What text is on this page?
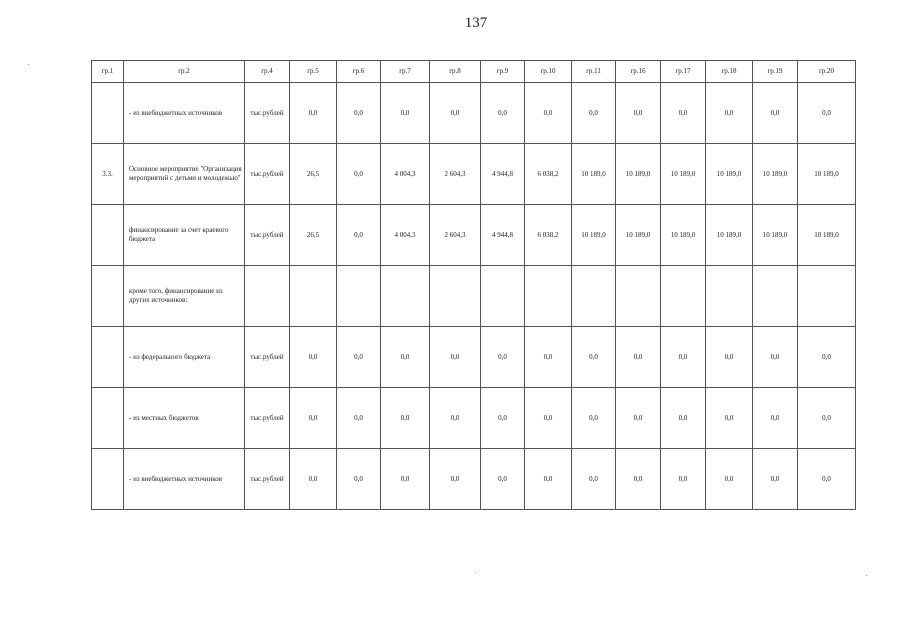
137
гр.1	гр.2	гр.4	гр.5	гр.6	гр.7	гр.8	гр.9	гр.10	гр.11	гр.16	гр.17	гр.18	гр.19	гр.20
	- из внебюджетных источников	тыс.рублей	0,0	0,0	0,0	0,0	0,0	0,0	0,0	0,0	0,0	0,0	0,0	0,0
3.3.	Основное мероприятие "Организация мероприятий с детьми и молодежью"	тыс.рублей	26,5	0,0	4 004,3	2 604,3	4 944,8	6 038,2	10 189,0	10 189,0	10 189,0	10 189,0	10 189,0	10 189,0
	финансирование за счет краевого бюджета	тыс.рублей	26,5	0,0	4 004,3	2 604,3	4 944,8	6 038,2	10 189,0	10 189,0	10 189,0	10 189,0	10 189,0	10 189,0
	кроме того, финансирование из других источников:													
	- из федерального бюджета	тыс.рублей	0,0	0,0	0,0	0,0	0,0	0,0	0,0	0,0	0,0	0,0	0,0	0,0
	- из местных бюджетов	тыс.рублей	0,0	0,0	0,0	0,0	0,0	0,0	0,0	0,0	0,0	0,0	0,0	0,0
	- из внебюджетных источников	тыс.рублей	0,0	0,0	0,0	0,0	0,0	0,0	0,0	0,0	0,0	0,0	0,0	0,0
